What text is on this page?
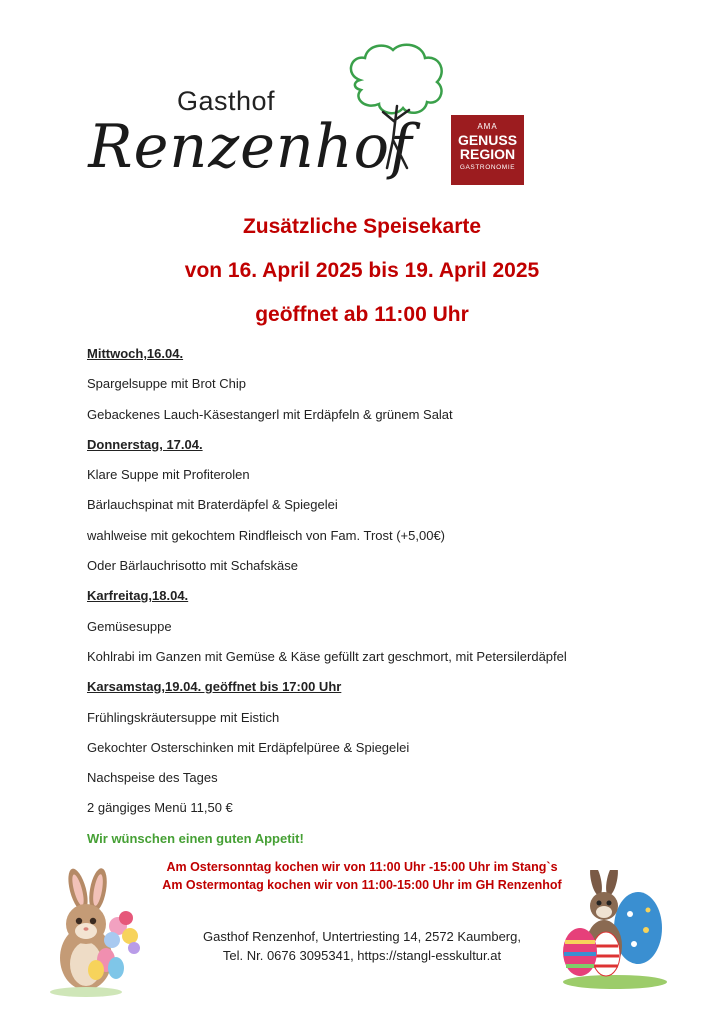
Gasthof
Renzenhof	AMA
GENUSS
REGION
GASTRONOMIE
Zusätzliche Speisekarte
von 16. April 2025 bis 19. April 2025
geöffnet ab 11:00 Uhr
Mittwoch,16.04.
Spargelsuppe mit Brot Chip
Gebackenes Lauch-Käsestangerl mit Erdäpfeln & grünem Salat
Donnerstag, 17.04.
Klare Suppe mit Profiterolen
Bärlauchspinat mit Braterdäpfel & Spiegelei
wahlweise mit gekochtem Rindfleisch von Fam. Trost (+5,00€)
Oder Bärlauchrisotto mit Schafskäse
Karfreitag,18.04.
Gemüsesuppe
Kohlrabi im Ganzen mit Gemüse & Käse gefüllt zart geschmort, mit Petersilerdäpfel
Karsamstag,19.04. geöffnet bis 17:00 Uhr
Frühlingskräutersuppe mit Eistich
Gekochter Osterschinken mit Erdäpfelpüree & Spiegelei
Nachspeise des Tages
2 gängiges Menü 11,50 €
Wir wünschen einen guten Appetit!
Am Ostersonntag kochen wir von 11:00 Uhr -15:00 Uhr im Stang`s
Am Ostermontag kochen wir von 11:00-15:00 Uhr im GH Renzenhof
Gasthof Renzenhof, Untertriesting 14, 2572 Kaumberg,
Tel. Nr. 0676 3095341, https://stangl-esskultur.at
